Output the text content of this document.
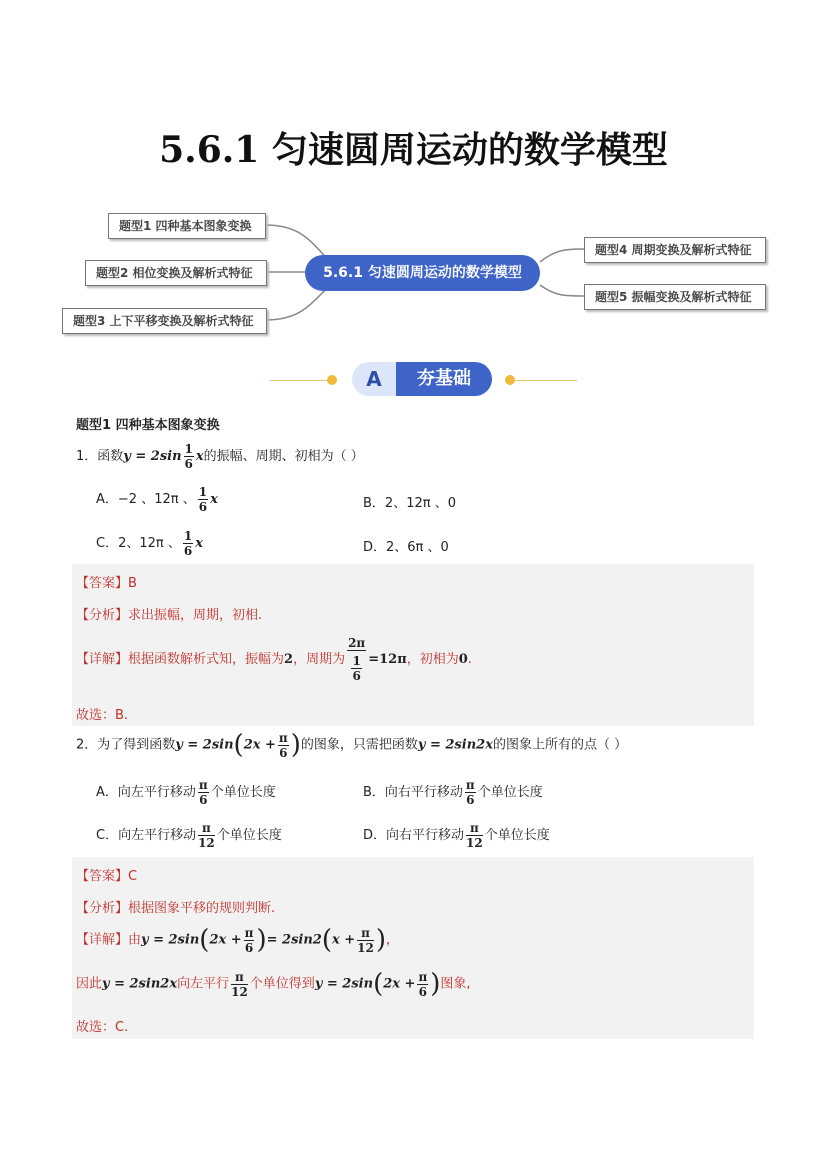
5.6.1 匀速圆周运动的数学模型
题型1 四种基本图象变换
题型2 相位变换及解析式特征
题型3 上下平移变换及解析式特征
5.6.1 匀速圆周运动的数学模型
题型4 周期变换及解析式特征
题型5 振幅变换及解析式特征
A	夯基础
题型1 四种基本图象变换
1．函数$y = 2\sin \frac{1}{6}$ x的振幅、周期、初相为（ ）
A．−2 、12π 、 $\frac{1}{6}$ x	B．2、12π 、0
C．2、12π 、 $\frac{1}{6}$ x	D．2、6π 、0
【答案】B
【分析】求出振幅，周期，初相.
【详解】根据函数解析式知，振幅为2，周期为 $\frac{2\pi}{\frac{1}{6}} =12\pi$，初相为0.
故选：B.
2．为了得到函数$y = 2\sin(2x + \frac{\pi}{6}$ )的图象，只需把函数y = 2sin2x的图象上所有的点（ ）
A．向左平行移动 $\frac{\pi}{6}$ 个单位长度	B．向右平行移动 $\frac{\pi}{6}$ 个单位长度
C．向左平行移动 $\frac{\pi}{12}$ 个单位长度	D．向右平行移动 $\frac{\pi}{12}$ 个单位长度
【答案】C
【分析】根据图象平移的规则判断.
【详解】由$y = 2\sin(2x + \frac{\pi}{6}$ )= $2\sin 2(x + \frac{\pi}{12}$ )，
因此y = 2sin2x向左平行 $\frac{\pi}{12}$ 个单位得到$y = 2\sin(2x + \frac{\pi}{6}$ )图象,
故选：C.
